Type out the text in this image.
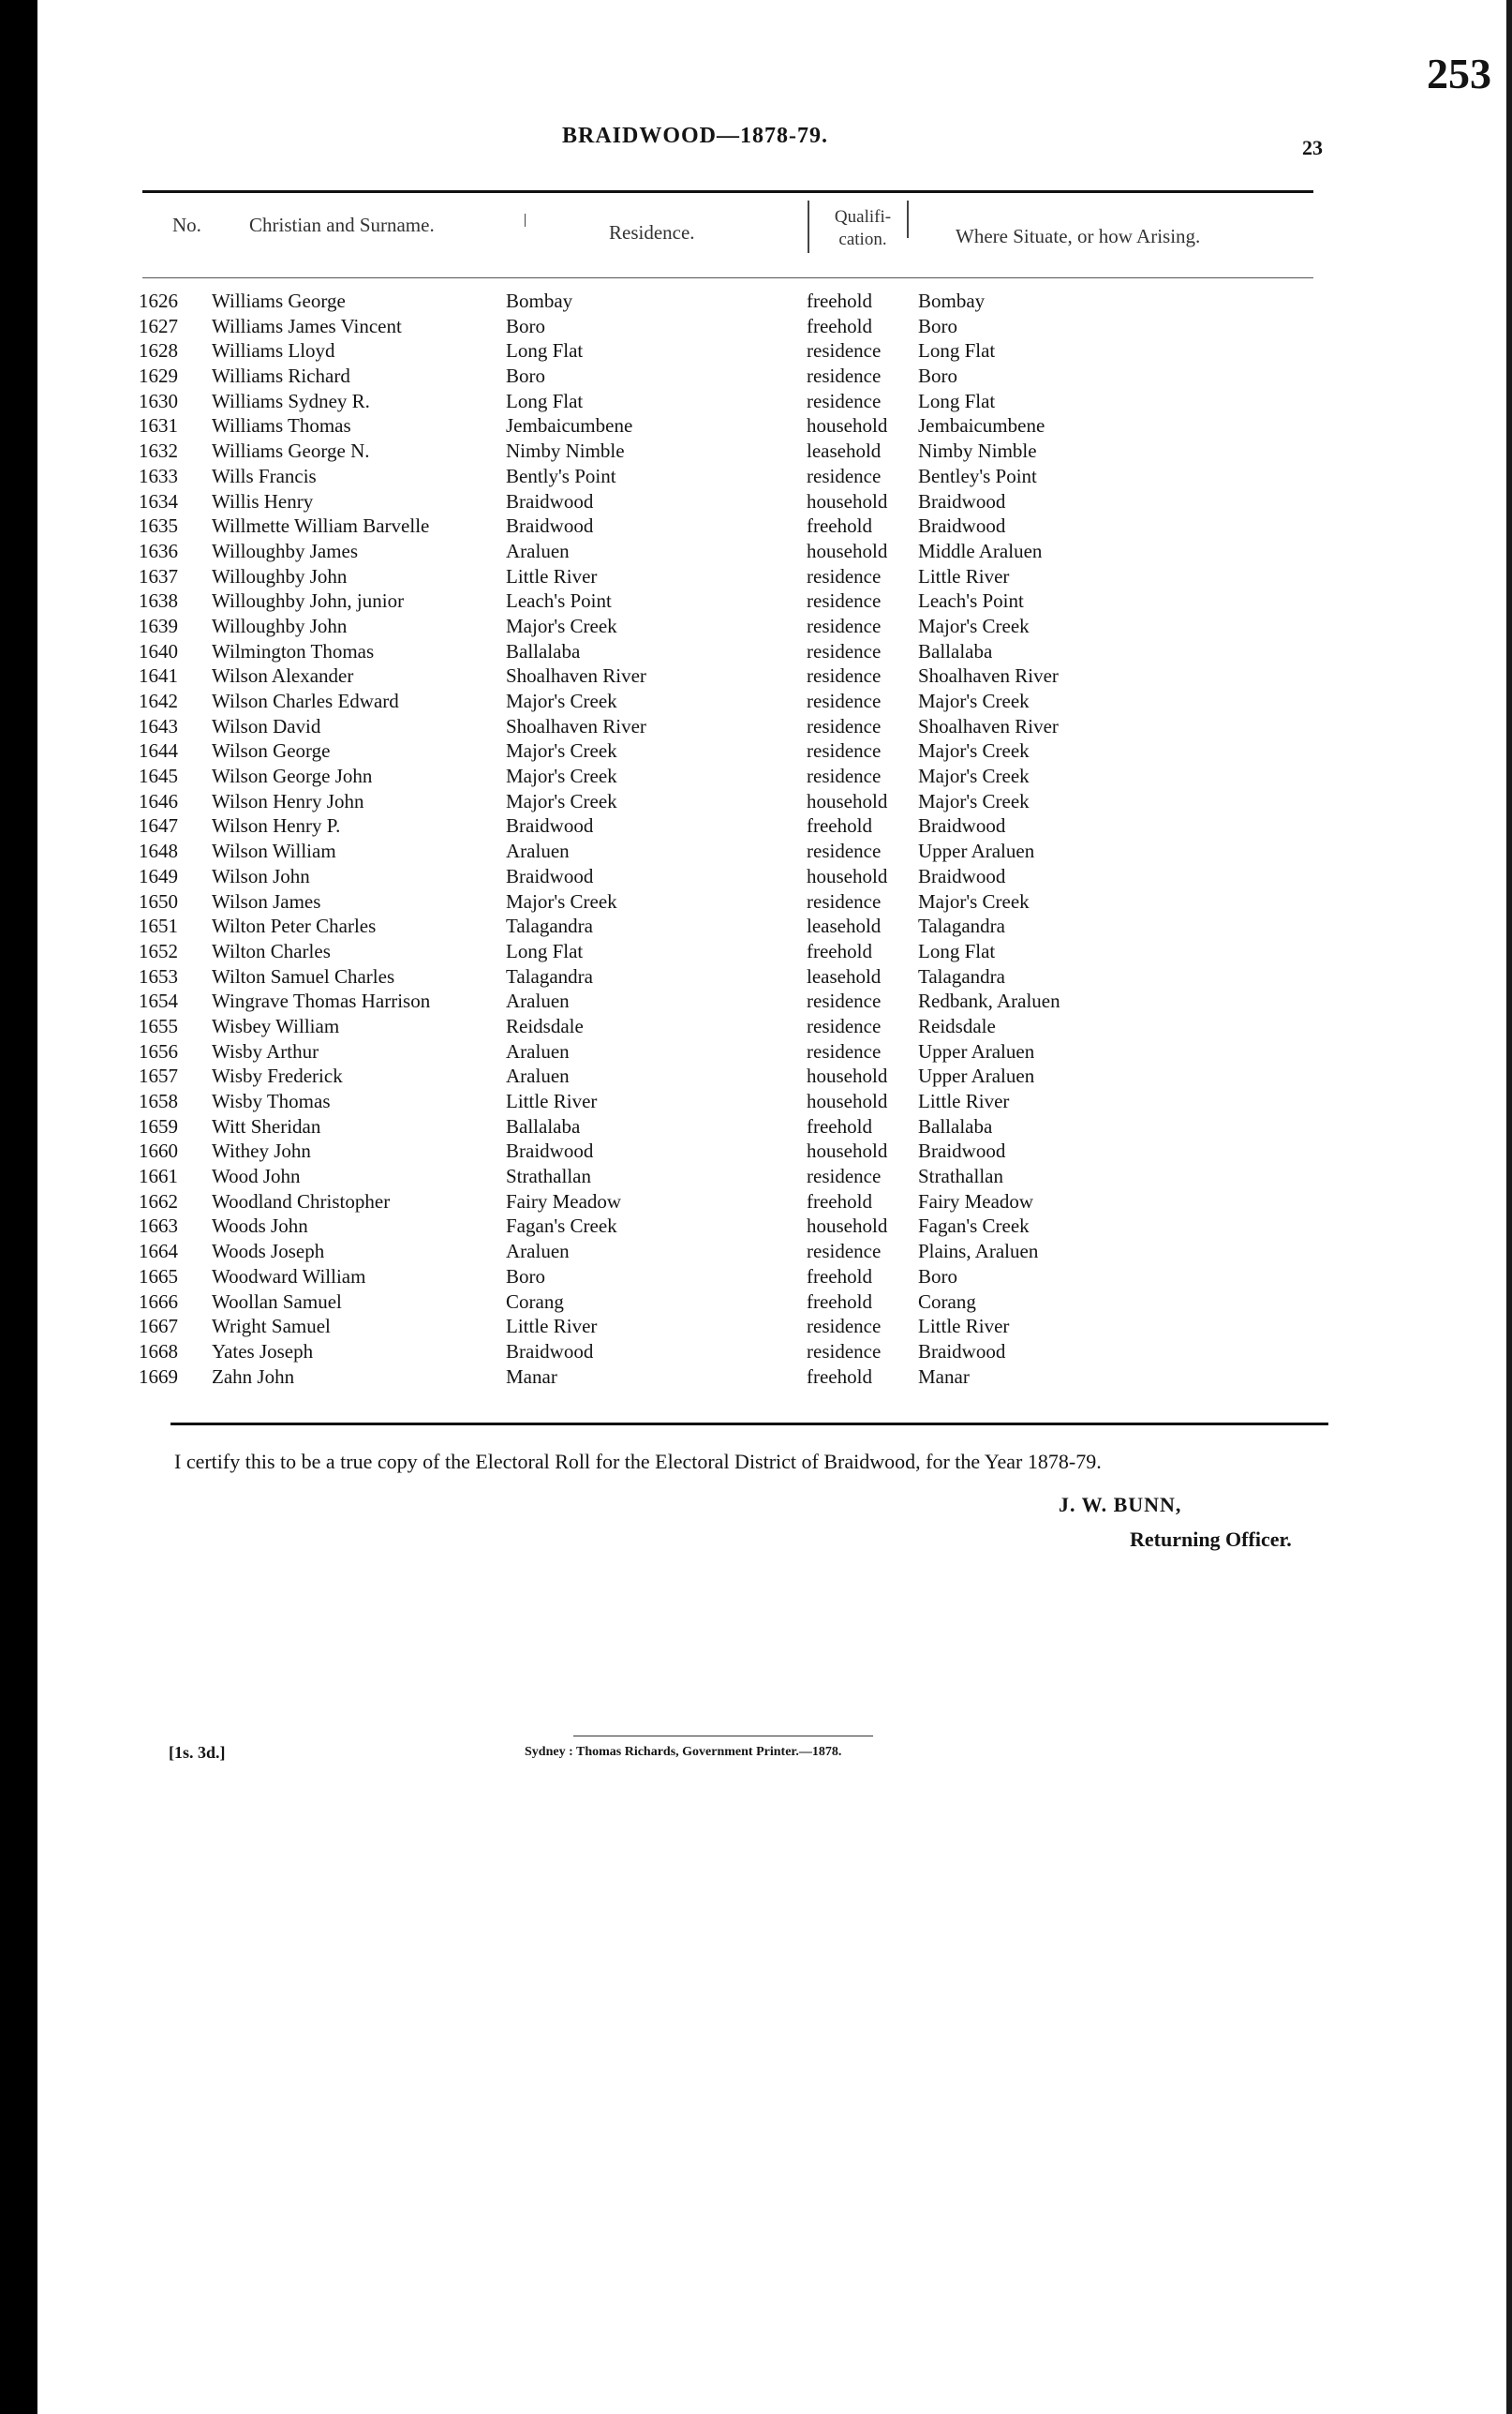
253
BRAIDWOOD—1878-79.	23
No. Christian and Surname.	Residence.
Qualifi-cation.	Where Situate, or how Arising.
1626	Williams George	Bombay	freehold Bombay
1627	Williams James Vincent	Boro	freehold Boro
1628	Williams Lloyd	Long Flat	residence Long Flat
1629	Williams Richard	Boro	residence Boro
1630	Williams Sydney R.	Long Flat	residence Long Flat
1631	Williams Thomas	Jembaicumbene	household Jembaicumbene
1632	Williams George N.	Nimby Nimble	leasehold Nimby Nimble
1633	Wills Francis	Bently's Point	residence Bentley's Point
1634	Willis Henry	Braidwood	household Braidwood
1635	Willmette William Barvelle	Braidwood	freehold Braidwood
1636	Willoughby James	Araluen	household Middle Araluen
1637	Willoughby John	Little River	residence Little River
1638	Willoughby John, junior	Leach's Point	residence Leach's Point
1639	Willoughby John	Major's Creek	residence Major's Creek
1640	Wilmington Thomas	Ballalaba	residence Ballalaba
1641	Wilson Alexander	Shoalhaven River	residence Shoalhaven River
1642	Wilson Charles Edward	Major's Creek	residence Major's Creek
1643	Wilson David	Shoalhaven River	residence Shoalhaven River
1644	Wilson George	Major's Creek	residence Major's Creek
1645	Wilson George John	Major's Creek	residence Major's Creek
1646	Wilson Henry John	Major's Creek	household Major's Creek
1647	Wilson Henry P.	Braidwood	freehold Braidwood
1648	Wilson William	Araluen	residence Upper Araluen
1649	Wilson John	Braidwood	household Braidwood
1650	Wilson James	Major's Creek	residence Major's Creek
1651	Wilton Peter Charles	Talagandra	leasehold Talagandra
1652	Wilton Charles	Long Flat	freehold Long Flat
1653	Wilton Samuel Charles	Talagandra	leasehold Talagandra
1654	Wingrave Thomas Harrison	Araluen	residence Redbank, Araluen
1655	Wisbey William	Reidsdale	residence Reidsdale
1656	Wisby Arthur	Araluen	residence Upper Araluen
1657	Wisby Frederick	Araluen	household Upper Araluen
1658	Wisby Thomas	Little River	household Little River
1659	Witt Sheridan	Ballalaba	freehold Ballalaba
1660	Withey John	Braidwood	household Braidwood
1661	Wood John	Strathallan	residence Strathallan
1662	Woodland Christopher	Fairy Meadow	freehold Fairy Meadow
1663	Woods John	Fagan's Creek	household Fagan's Creek
1664	Woods Joseph	Araluen	residence Plains, Araluen
1665	Woodward William	Boro	freehold Boro
1666	Woollan Samuel	Corang	freehold Corang
1667	Wright Samuel	Little River	residence Little River
1668	Yates Joseph	Braidwood	residence Braidwood
1669	Zahn John	Manar	freehold Manar
I certify this to be a true copy of the Electoral Roll for the Electoral District of Braidwood, for the Year 1878-79.
J. W. BUNN,
Returning Officer.
[1s. 3d.]	Sydney : Thomas Richards, Government Printer.—1878.
